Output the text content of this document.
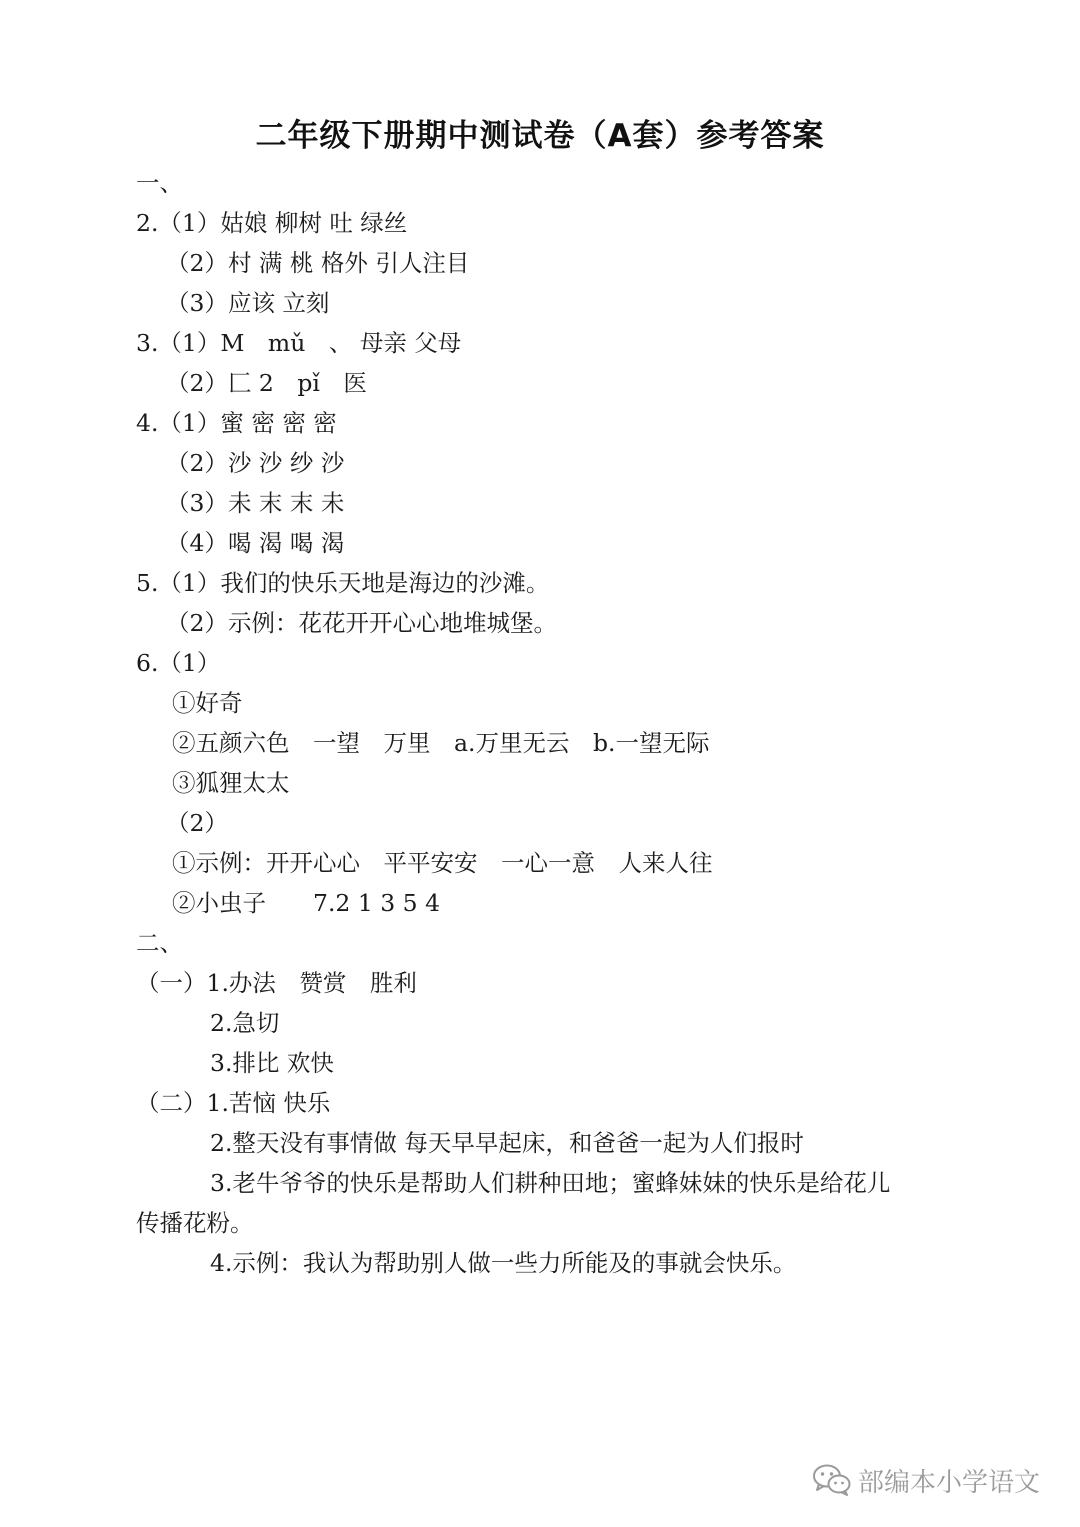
二年级下册期中测试卷（A套）参考答案
一、
2.（1）姑娘 柳树 吐 绿丝
（2）村 满 桃 格外 引人注目
（3）应该 立刻
3.（1）M　mǔ　、 母亲 父母
（2）匚 2　pǐ　医
4.（1）蜜 密 密 密
（2）沙 沙 纱 沙
（3）未 末 末 未
（4）喝 渴 喝 渴
5.（1）我们的快乐天地是海边的沙滩。
（2）示例：花花开开心心地堆城堡。
6.（1）
①好奇
②五颜六色　一望　万里　a.万里无云　b.一望无际
③狐狸太太
（2）
①示例：开开心心　平平安安　一心一意　人来人往
②小虫子　　7.2 1 3 5 4
二、
（一）1.办法　赞赏　胜利
2.急切
3.排比 欢快
（二）1.苦恼 快乐
2.整天没有事情做 每天早早起床，和爸爸一起为人们报时
3.老牛爷爷的快乐是帮助人们耕种田地；蜜蜂妹妹的快乐是给花儿
传播花粉。
4.示例：我认为帮助别人做一些力所能及的事就会快乐。
部编本小学语文
